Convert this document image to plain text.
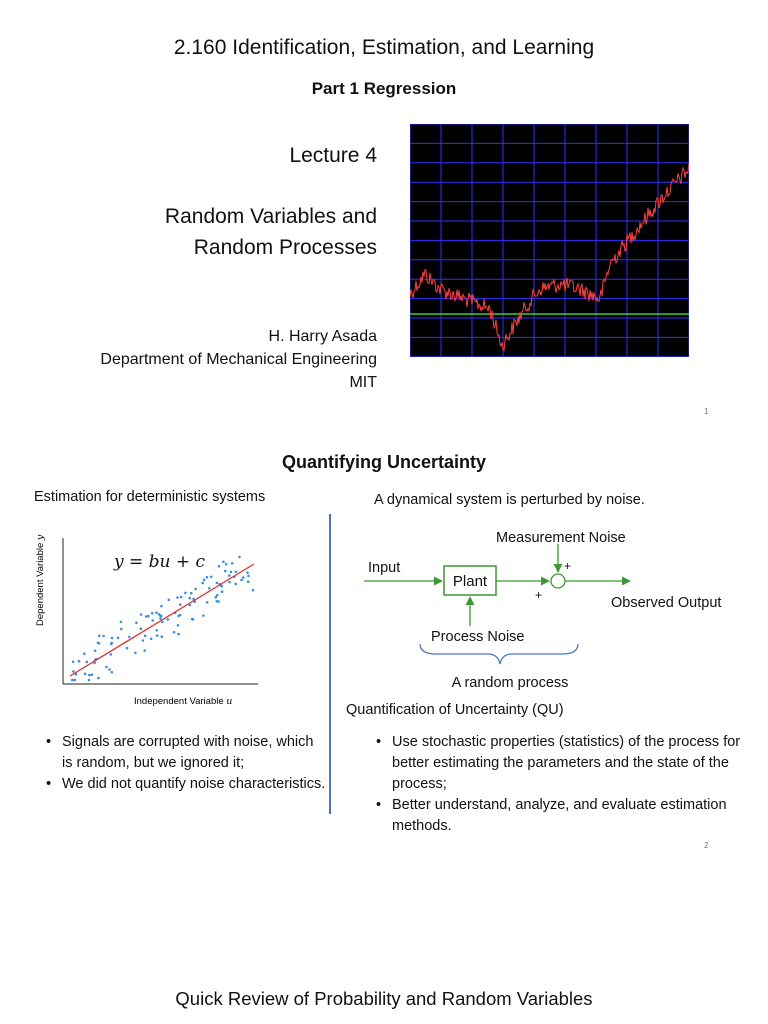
2.160 Identification, Estimation, and Learning
Part 1 Regression
Lecture 4
Random Variables and
Random Processes
H. Harry Asada
Department of Mechanical Engineering
MIT
1
Quantifying Uncertainty
Estimation for deterministic systems
Dependent Variable y
Independent Variable u
y = bu + c
• Signals are corrupted with noise, which is random, but we ignored it;
• We did not quantify noise characteristics.
A dynamical system is perturbed by noise.
Measurement Noise
Input
Plant
+
+	Observed Output
Process Noise
A random process
Quantification of Uncertainty (QU)
• Use stochastic properties (statistics) of the process for better estimating the parameters and the state of the process;
• Better understand, analyze, and evaluate estimation methods.
2
Quick Review of Probability and Random Variables
